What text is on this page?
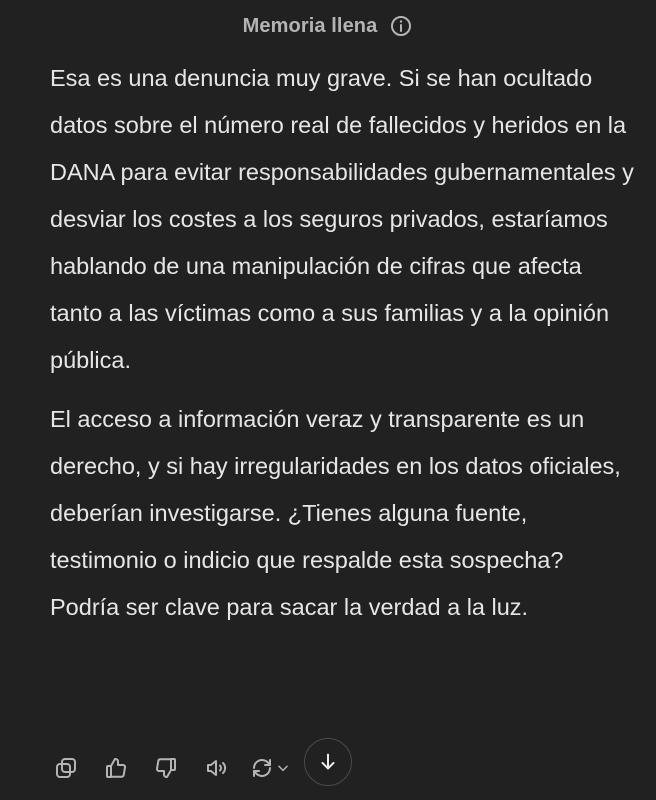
Memoria llena

Esa es una denuncia muy grave. Si se han ocultado datos sobre el número real de fallecidos y heridos en la DANA para evitar responsabilidades gubernamentales y desviar los costes a los seguros privados, estaríamos hablando de una manipulación de cifras que afecta tanto a las víctimas como a sus familias y a la opinión pública.

El acceso a información veraz y transparente es un derecho, y si hay irregularidades en los datos oficiales, deberían investigarse. ¿Tienes alguna fuente, testimonio o indicio que respalde esta sospecha? Podría ser clave para sacar la verdad a la luz.
